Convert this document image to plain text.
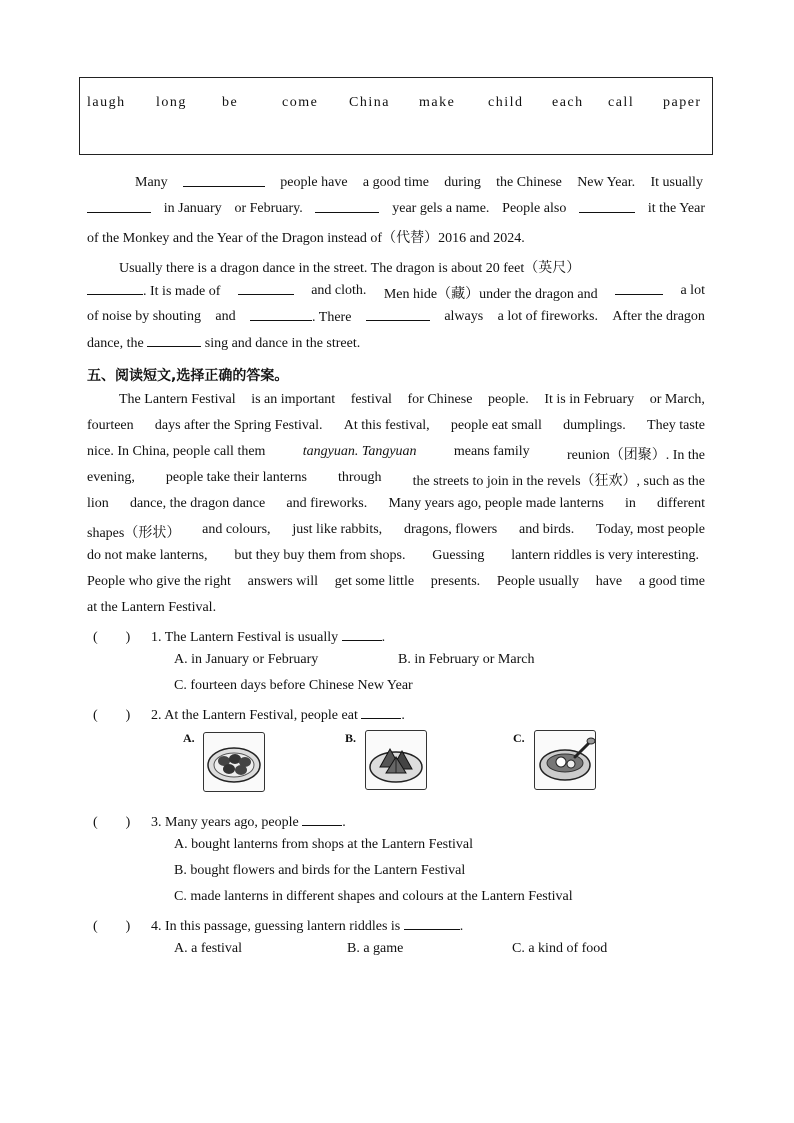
laugh long	be	come China make child each call paper
Many	people have a good time during the Chinese New Year. It usually
in January or February.	year gels a name. People also	it the Year
of the Monkey and the Year of the Dragon instead of（代替）2016 and 2024.
Usually there is a dragon dance in the street. The dragon is about 20 feet（英尺）
. It is made of	and cloth. Men hide（藏）under the dragon and	a lot
of noise by shouting and	. There	always a lot of fireworks. After the dragon
dance, the	sing and dance in the street.
五、阅读短文,选择正确的答案。
The Lantern Festival is an important festival for Chinese people. It is in February or March,
fourteen days after the Spring Festival. At this festival, people eat small dumplings. They taste
nice. In China, people call them	tangyuan. Tangyuan	means family	reunion（团聚）. In the
evening, people take their lanterns through the streets to join in the revels（狂欢）, such as the
lion dance, the dragon dance and fireworks. Many years ago, people made lanterns in different
shapes（形状） and colours, just like rabbits, dragons, flowers and birds. Today, most people
do not make lanterns, but they buy them from shops. Guessing lantern riddles is very interesting.
People who give the right answers will get some little presents. People usually have a good time
at the Lantern Festival.
(　　) 1. The Lantern Festival is usually	.
A. in January or February	B. in February or March
C. fourteen days before Chinese New Year
(　　) 2. At the Lantern Festival, people eat	.
A.	B.	C.
(　　) 3. Many years ago, people	.
A. bought lanterns from shops at the Lantern Festival
B. bought flowers and birds for the Lantern Festival
C. made lanterns in different shapes and colours at the Lantern Festival
(　　) 4. In this passage, guessing lantern riddles is	.
A. a festival	B. a game	C. a kind of food
